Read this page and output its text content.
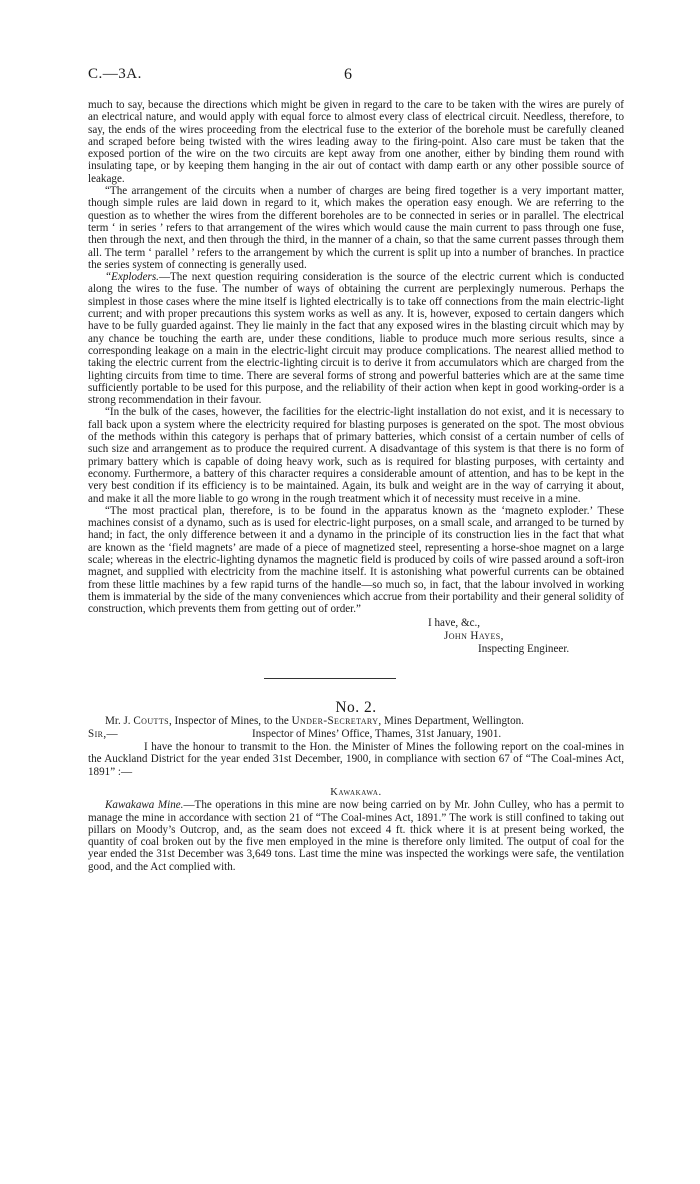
C.—3A.	6

much to say, because the directions which might be given in regard to the care to be taken with the wires are purely of an electrical nature, and would apply with equal force to almost every class of electrical circuit. Needless, therefore, to say, the ends of the wires proceeding from the electrical fuse to the exterior of the borehole must be carefully cleaned and scraped before being twisted with the wires leading away to the firing-point. Also care must be taken that the exposed portion of the wire on the two circuits are kept away from one another, either by binding them round with insulating tape, or by keeping them hanging in the air out of contact with damp earth or any other possible source of leakage.

“The arrangement of the circuits when a number of charges are being fired together is a very important matter, though simple rules are laid down in regard to it, which makes the operation easy enough. We are referring to the question as to whether the wires from the different boreholes are to be connected in series or in parallel. The electrical term ‘ in series ’ refers to that arrangement of the wires which would cause the main current to pass through one fuse, then through the next, and then through the third, in the manner of a chain, so that the same current passes through them all. The term ‘ parallel ’ refers to the arrangement by which the current is split up into a number of branches. In practice the series system of connecting is generally used.

“Exploders.—The next question requiring consideration is the source of the electric current which is conducted along the wires to the fuse. The number of ways of obtaining the current are perplexingly numerous. Perhaps the simplest in those cases where the mine itself is lighted electrically is to take off connections from the main electric-light current; and with proper precautions this system works as well as any. It is, however, exposed to certain dangers which have to be fully guarded against. They lie mainly in the fact that any exposed wires in the blasting circuit which may by any chance be touching the earth are, under these conditions, liable to produce much more serious results, since a corresponding leakage on a main in the electric-light circuit may produce complications. The nearest allied method to taking the electric current from the electric-lighting circuit is to derive it from accumulators which are charged from the lighting circuits from time to time. There are several forms of strong and powerful batteries which are at the same time sufficiently portable to be used for this purpose, and the reliability of their action when kept in good working-order is a strong recommendation in their favour.

“In the bulk of the cases, however, the facilities for the electric-light installation do not exist, and it is necessary to fall back upon a system where the electricity required for blasting purposes is generated on the spot. The most obvious of the methods within this category is perhaps that of primary batteries, which consist of a certain number of cells of such size and arrangement as to produce the required current. A disadvantage of this system is that there is no form of primary battery which is capable of doing heavy work, such as is required for blasting purposes, with certainty and economy. Furthermore, a battery of this character requires a considerable amount of attention, and has to be kept in the very best condition if its efficiency is to be maintained. Again, its bulk and weight are in the way of carrying it about, and make it all the more liable to go wrong in the rough treatment which it of necessity must receive in a mine.

“The most practical plan, therefore, is to be found in the apparatus known as the ‘magneto exploder.’ These machines consist of a dynamo, such as is used for electric-light purposes, on a small scale, and arranged to be turned by hand; in fact, the only difference between it and a dynamo in the principle of its construction lies in the fact that what are known as the ‘field magnets’ are made of a piece of magnetized steel, representing a horse-shoe magnet on a large scale; whereas in the electric-lighting dynamos the magnetic field is produced by coils of wire passed around a soft-iron magnet, and supplied with electricity from the machine itself. It is astonishing what powerful currents can be obtained from these little machines by a few rapid turns of the handle—so much so, in fact, that the labour involved in working them is immaterial by the side of the many conveniences which accrue from their portability and their general solidity of construction, which prevents them from getting out of order.”

I have, &c.,
John Hayes,
Inspecting Engineer.
No. 2.

Mr. J. Coutts, Inspector of Mines, to the Under-Secretary, Mines Department, Wellington.

Sir,—	Inspector of Mines’ Office, Thames, 31st January, 1901.

I have the honour to transmit to the Hon. the Minister of Mines the following report on the coal-mines in the Auckland District for the year ended 31st December, 1900, in compliance with section 67 of “The Coal-mines Act, 1891” :—

Kawakawa.

Kawakawa Mine.—The operations in this mine are now being carried on by Mr. John Culley, who has a permit to manage the mine in accordance with section 21 of “The Coal-mines Act, 1891.” The work is still confined to taking out pillars on Moody’s Outcrop, and, as the seam does not exceed 4 ft. thick where it is at present being worked, the quantity of coal broken out by the five men employed in the mine is therefore only limited. The output of coal for the year ended the 31st December was 3,649 tons. Last time the mine was inspected the workings were safe, the ventilation good, and the Act complied with.
